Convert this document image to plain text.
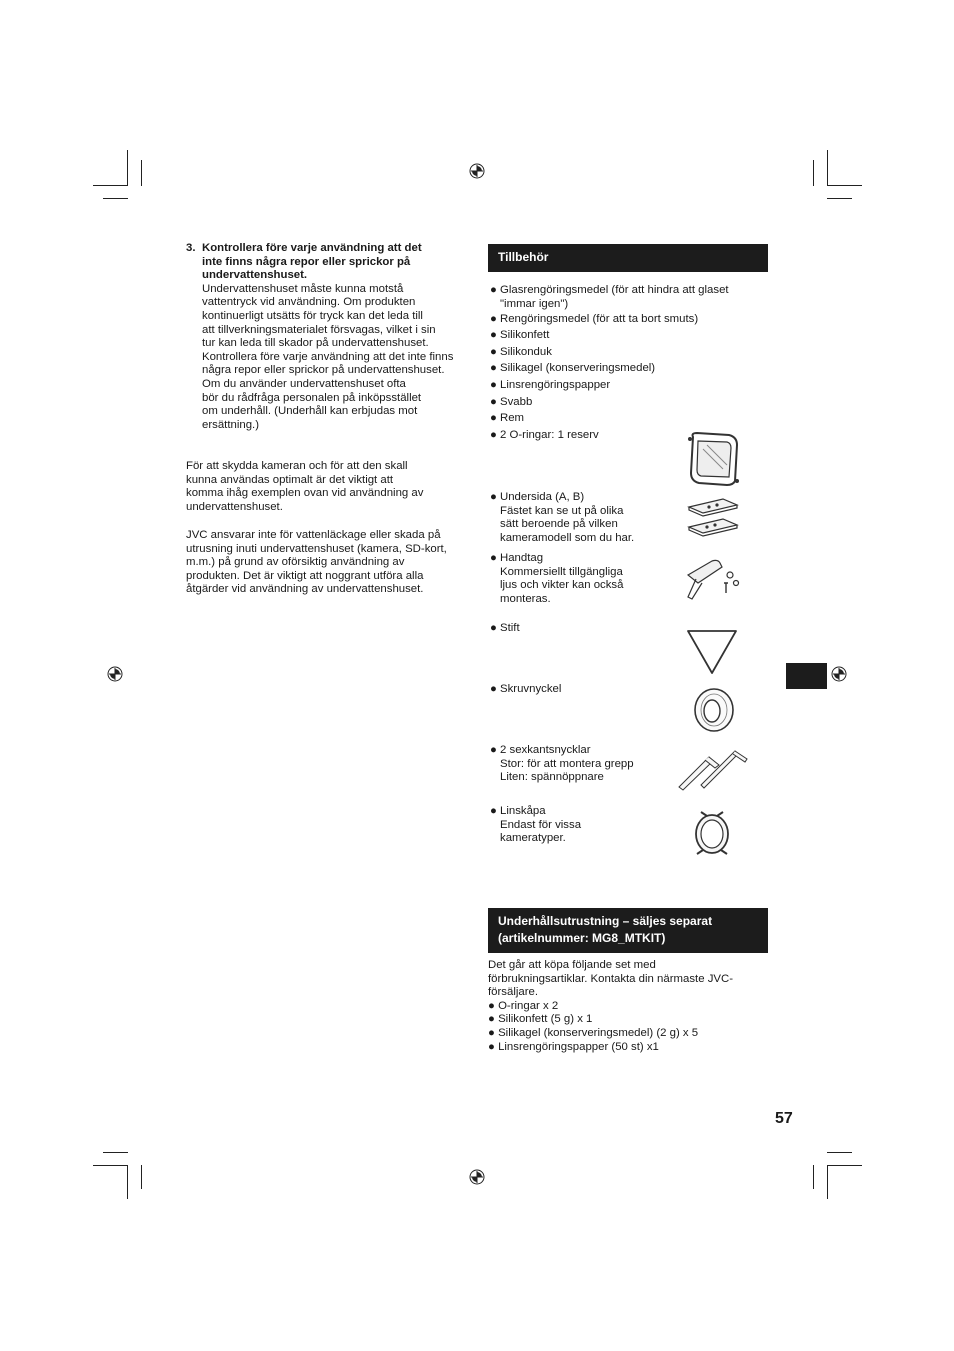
3. Kontrollera före varje användning att det
inte finns några repor eller sprickor på
undervattenshuset.
Undervattenshuset måste kunna motstå
vattentryck vid användning. Om produkten
kontinuerligt utsätts för tryck kan det leda till
att tillverkningsmaterialet försvagas, vilket i sin
tur kan leda till skador på undervattenshuset.
Kontrollera före varje användning att det inte finns
några repor eller sprickor på undervattenshuset.
Om du använder undervattenshuset ofta
bör du rådfråga personalen på inköpsstället
om underhåll. (Underhåll kan erbjudas mot
ersättning.)
För att skydda kameran och för att den skall
kunna användas optimalt är det viktigt att
komma ihåg exemplen ovan vid användning av
undervattenshuset.
JVC ansvarar inte för vattenläckage eller skada på
utrusning inuti undervattenshuset (kamera, SD-kort,
m.m.) på grund av oförsiktig användning av
produkten. Det är viktigt att noggrant utföra alla
åtgärder vid användning av undervattenshuset.
Tillbehör
● Glasrengöringsmedel (för att hindra att glaset
"immar igen")
● Rengöringsmedel (för att ta bort smuts)
● Silikonfett
● Silikonduk
● Silikagel (konserveringsmedel)
● Linsrengöringspapper
● Svabb
● Rem
● 2 O-ringar: 1 reserv
● Undersida (A, B)
Fästet kan se ut på olika
sätt beroende på vilken
kameramodell som du har.
● Handtag
Kommersiellt tillgängliga
ljus och vikter kan också
monteras.
● Stift
● Skruvnyckel
● 2 sexkantsnycklar
Stor: för att montera grepp
Liten: spännöppnare
● Linskåpa
Endast för vissa
kameratyper.
Underhållsutrustning – säljes separat
(artikelnummer: MG8_MTKIT)
Det går att köpa följande set med
förbrukningsartiklar. Kontakta din närmaste JVC-
försäljare.
● O-ringar x 2
● Silikonfett (5 g) x 1
● Silikagel (konserveringsmedel) (2 g) x 5
● Linsrengöringspapper (50 st) x1
57
